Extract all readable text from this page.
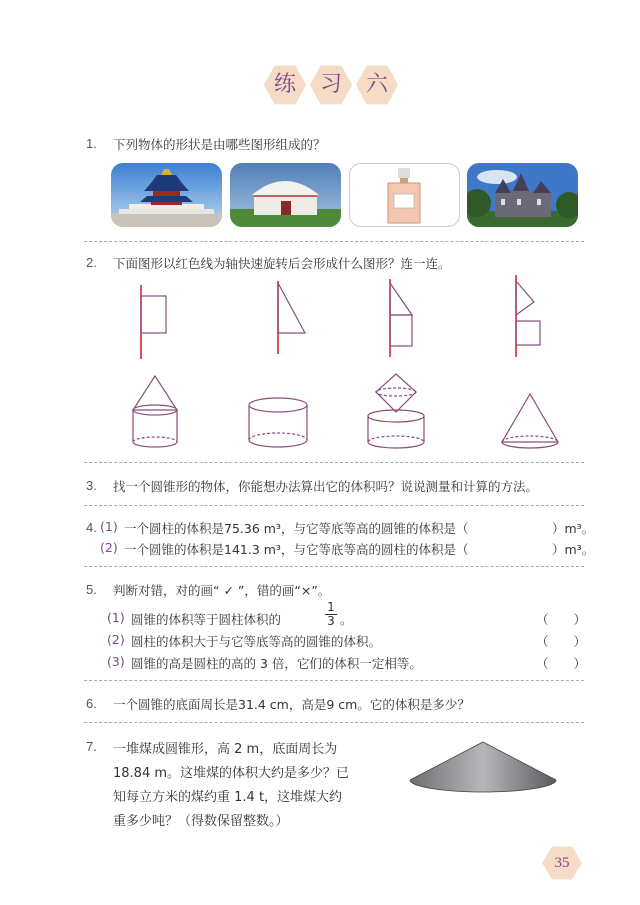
练	习	六
1. 下列物体的形状是由哪些图形组成的？
2. 下面图形以红色线为轴快速旋转后会形成什么图形？连一连。
3. 找一个圆锥形的物体，你能想办法算出它的体积吗？说说测量和计算的方法。
4. (1) 一个圆柱的体积是75.36 m³，与它等底等高的圆锥的体积是（	）m³。
(2) 一个圆锥的体积是141.3 m³，与它等底等高的圆柱的体积是（	）m³。
5. 判断对错，对的画“ ✓ ”，错的画“×”。
(1) 圆锥的体积等于圆柱体积的	$\frac{1}{3}$ 。	（　　）
(2) 圆柱的体积大于与它等底等高的圆锥的体积。	（　　）
(3) 圆锥的高是圆柱的高的 3 倍，它们的体积一定相等。	（　　）
6. 一个圆锥的底面周长是31.4 cm，高是9 cm。它的体积是多少？
7. 一堆煤成圆锥形，高 2 m，底面周长为
18.84 m。这堆煤的体积大约是多少？已
知每立方米的煤约重 1.4 t，这堆煤大约
重多少吨？（得数保留整数。）
35
